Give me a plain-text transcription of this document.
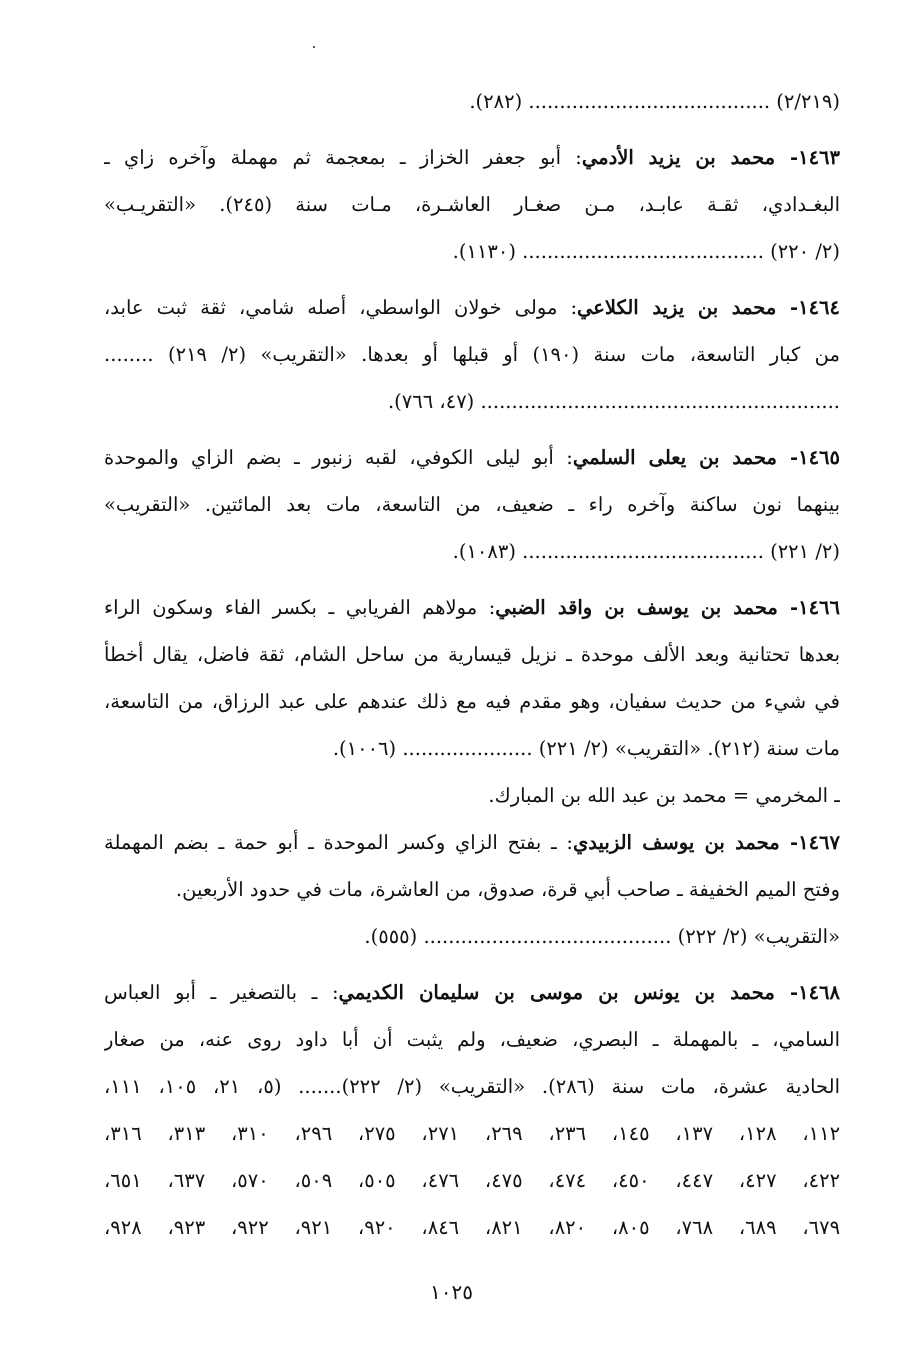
(٢/٢١٩) ....................................... (٢٨٢).
١٤٦٣- محمد بن يزيد الأدمي: أبو جعفر الخزاز ـ بمعجمة ثم مهملة وآخره زاي ـ
البغـدادي، ثقـة عابـد، مـن صغـار العاشـرة، مـات سنة (٢٤٥). «التقريـب»
(٢/ ٢٢٠) ....................................... (١١٣٠).
١٤٦٤- محمد بن يزيد الكلاعي: مولى خولان الواسطي، أصله شامي، ثقة ثبت عابد،
من كبار التاسعة، مات سنة (١٩٠) أو قبلها أو بعدها. «التقريب» (٢/ ٢١٩) ........
.......................................................... (٤٧، ٧٦٦).
١٤٦٥- محمد بن يعلى السلمي: أبو ليلى الكوفي، لقبه زنبور ـ بضم الزاي والموحدة
بينهما نون ساكنة وآخره راء ـ ضعيف، من التاسعة، مات بعد المائتين. «التقريب»
(٢/ ٢٢١) ....................................... (١٠٨٣).
١٤٦٦- محمد بن يوسف بن واقد الضبي: مولاهم الفريابي ـ بكسر الفاء وسكون الراء
بعدها تحتانية وبعد الألف موحدة ـ نزيل قيسارية من ساحل الشام، ثقة فاضل، يقال أخطأ
في شيء من حديث سفيان، وهو مقدم فيه مع ذلك عندهم على عبد الرزاق، من التاسعة،
مات سنة (٢١٢). «التقريب» (٢/ ٢٢١) ..................... (١٠٠٦).
ـ المخرمي = محمد بن عبد الله بن المبارك.
١٤٦٧- محمد بن يوسف الزبيدي: ـ بفتح الزاي وكسر الموحدة ـ أبو حمة ـ بضم المهملة
وفتح الميم الخفيفة ـ صاحب أبي قرة، صدوق، من العاشرة، مات في حدود الأربعين.
«التقريب» (٢/ ٢٢٢) ........................................ (٥٥٥).
١٤٦٨- محمد بن يونس بن موسى بن سليمان الكديمي: ـ بالتصغير ـ أبو العباس
السامي، ـ بالمهملة ـ البصري، ضعيف، ولم يثبت أن أبا داود روى عنه، من صغار
الحادية عشرة، مات سنة (٢٨٦). «التقريب» (٢/ ٢٢٢)....... (٥، ٢١، ١٠٥، ١١١،
١١٢، ١٢٨، ١٣٧، ١٤٥، ٢٣٦، ٢٦٩، ٢٧١، ٢٧٥، ٢٩٦، ٣١٠، ٣١٣، ٣١٦،
٤٢٢، ٤٢٧، ٤٤٧، ٤٥٠، ٤٧٤، ٤٧٥، ٤٧٦، ٥٠٥، ٥٠٩، ٥٧٠، ٦٣٧، ٦٥١،
٦٧٩، ٦٨٩، ٧٦٨، ٨٠٥، ٨٢٠، ٨٢١، ٨٤٦، ٩٢٠، ٩٢١، ٩٢٢، ٩٢٣، ٩٢٨،
١٠٢٥
